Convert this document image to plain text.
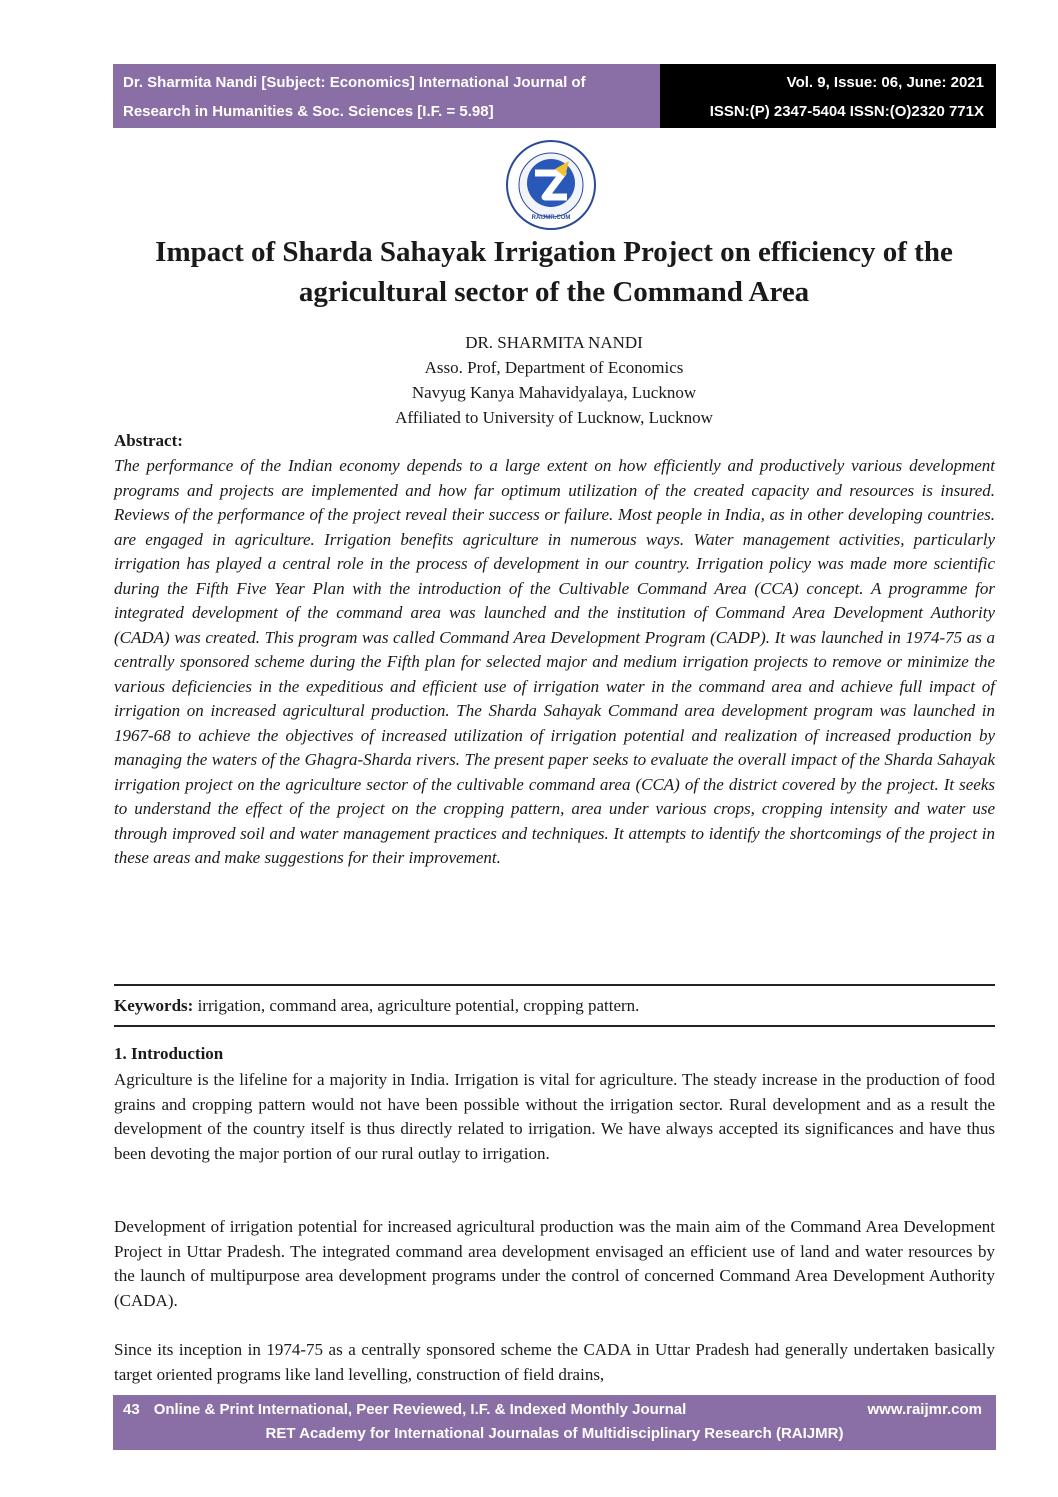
Dr. Sharmita Nandi [Subject: Economics] International Journal of
Research in Humanities & Soc. Sciences [I.F. = 5.98]
Vol. 9, Issue: 06, June: 2021
ISSN:(P) 2347-5404 ISSN:(O)2320 771X
RAIJMR.COM
Impact of Sharda Sahayak Irrigation Project on efficiency of the
agricultural sector of the Command Area
DR. SHARMITA NANDI
Asso. Prof, Department of Economics
Navyug Kanya Mahavidyalaya, Lucknow
Affiliated to University of Lucknow, Lucknow
Abstract:

The performance of the Indian economy depends to a large extent on how efficiently and productively various development programs and projects are implemented and how far optimum utilization of the created capacity and resources is insured. Reviews of the performance of the project reveal their success or failure. Most people in India, as in other developing countries. are engaged in agriculture. Irrigation benefits agriculture in numerous ways. Water management activities, particularly irrigation has played a central role in the process of development in our country. Irrigation policy was made more scientific during the Fifth Five Year Plan with the introduction of the Cultivable Command Area (CCA) concept. A programme for integrated development of the command area was launched and the institution of Command Area Development Authority (CADA) was created. This program was called Command Area Development Program (CADP). It was launched in 1974-75 as a centrally sponsored scheme during the Fifth plan for selected major and medium irrigation projects to remove or minimize the various deficiencies in the expeditious and efficient use of irrigation water in the command area and achieve full impact of irrigation on increased agricultural production. The Sharda Sahayak Command area development program was launched in 1967-68 to achieve the objectives of increased utilization of irrigation potential and realization of increased production by managing the waters of the Ghagra-Sharda rivers. The present paper seeks to evaluate the overall impact of the Sharda Sahayak irrigation project on the agriculture sector of the cultivable command area (CCA) of the district covered by the project. It seeks to understand the effect of the project on the cropping pattern, area under various crops, cropping intensity and water use through improved soil and water management practices and techniques. It attempts to identify the shortcomings of the project in these areas and make suggestions for their improvement.

Keywords: irrigation, command area, agriculture potential, cropping pattern.
1. Introduction

Agriculture is the lifeline for a majority in India. Irrigation is vital for agriculture. The steady increase in the production of food grains and cropping pattern would not have been possible without the irrigation sector. Rural development and as a result the development of the country itself is thus directly related to irrigation. We have always accepted its significances and have thus been devoting the major portion of our rural outlay to irrigation.

Development of irrigation potential for increased agricultural production was the main aim of the Command Area Development Project in Uttar Pradesh. The integrated command area development envisaged an efficient use of land and water resources by the launch of multipurpose area development programs under the control of concerned Command Area Development Authority (CADA).

Since its inception in 1974-75 as a centrally sponsored scheme the CADA in Uttar Pradesh had generally undertaken basically target oriented programs like land levelling, construction of field drains,

43 Online & Print International, Peer Reviewed, I.F. & Indexed Monthly Journal	www.raijmr.com
RET Academy for International Journalas of Multidisciplinary Research (RAIJMR)
